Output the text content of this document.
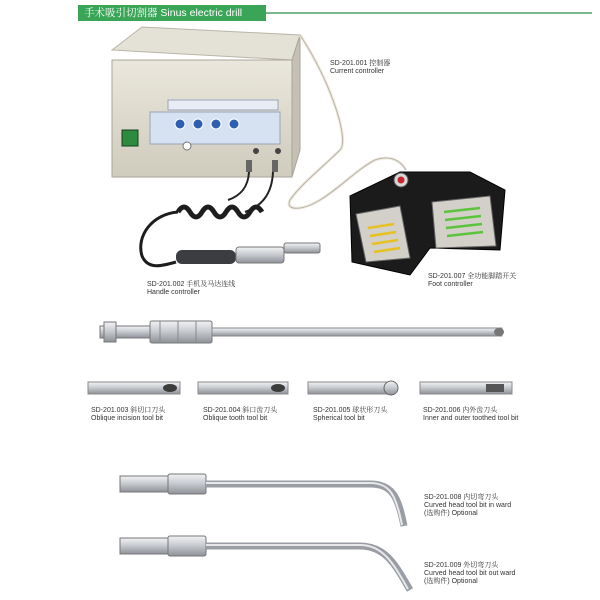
手术吸引切割器 Sinus electric drill
SD-201.001 控制器
Current controller
SD-201.002 手机及马达连线
Handle controller
SD-201.007 全功能脚踏开关
Foot controller
SD-201.003 斜切口刀头
Oblique incision tool bit
SD-201.004 斜口齿刀头
Oblique tooth tool bit
SD-201.005 球状形刀头
Spherical tool bit
SD-201.006 内外齿刀头
Inner and outer toothed tool bit
SD-201.008 内切弯刀头
Curved head tool bit in ward
(选购件) Optional
SD-201.009 外切弯刀头
Curved head tool bit out ward
(选购件) Optional
